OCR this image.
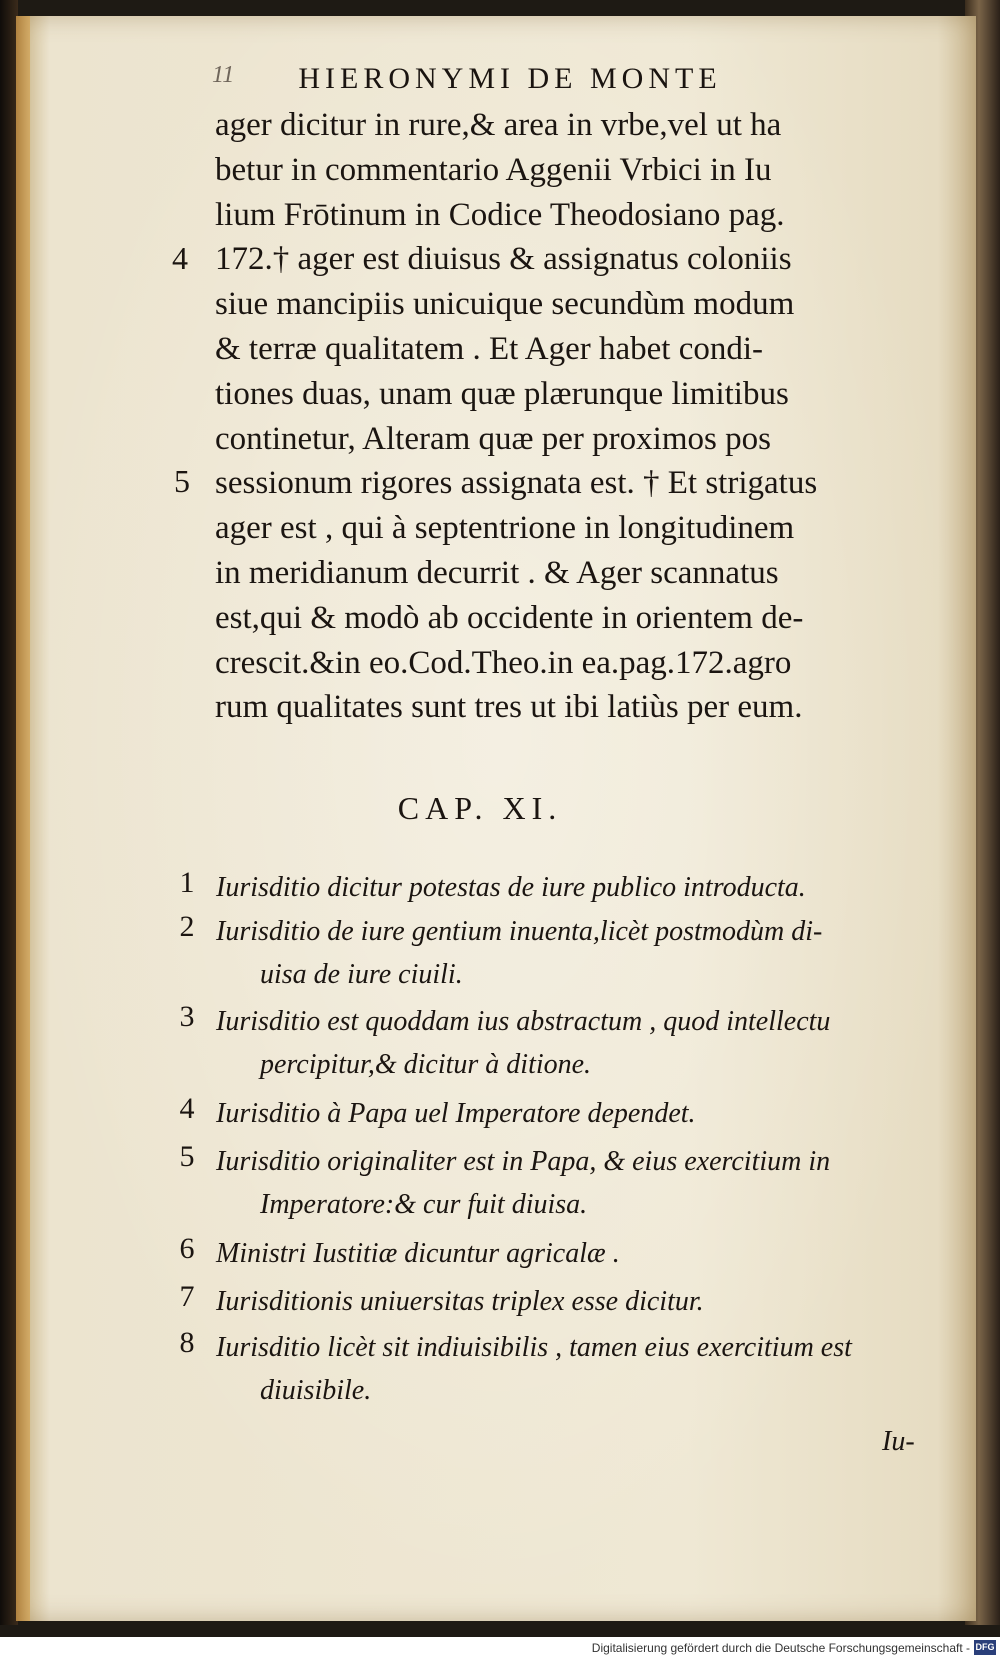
11	HIERONYMI DE MONTE
ager dicitur in rure,& area in vrbe,vel ut ha
betur in commentario Aggenii Vrbici in Iu
lium Frōtinum in Codice Theodosiano pag.
172.† ager est diuisus & assignatus coloniis
siue mancipiis unicuique secundùm modum
& terræ qualitatem . Et Ager habet condi-
tiones duas, unam quæ plærunque limitibus
continetur, Alteram quæ per proximos pos
sessionum rigores assignata est. † Et strigatus
ager est , qui à septentrione in longitudinem
in meridianum decurrit . & Ager scannatus
est,qui & modò ab occidente in orientem de-
crescit.&in eo.Cod.Theo.in ea.pag.172.agro
rum qualitates sunt tres ut ibi latiùs per eum.
4
5
CAP. XI.
1 Iurisditio dicitur potestas de iure publico introducta.
2 Iurisditio de iure gentium inuenta,licèt postmodùm di-
uisa de iure ciuili.
3 Iurisditio est quoddam ius abstractum , quod intellectu
percipitur,& dicitur à ditione.
4 Iurisditio à Papa uel Imperatore dependet.
5 Iurisditio originaliter est in Papa, & eius exercitium in
Imperatore:& cur fuit diuisa.
6 Ministri Iustitiæ dicuntur agricalæ .
7 Iurisditionis uniuersitas triplex esse dicitur.
8 Iurisditio licèt sit indiuisibilis , tamen eius exercitium est
diuisibile.
Iu-
Digitalisierung gefördert durch die Deutsche Forschungsgemeinschaft - DFG
